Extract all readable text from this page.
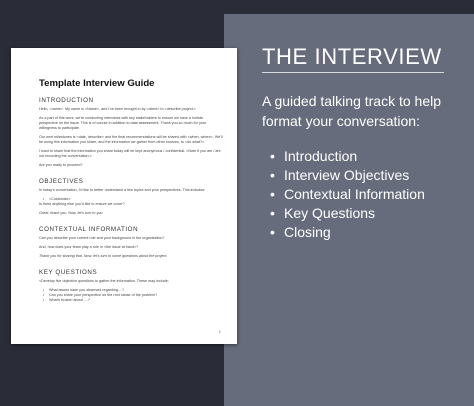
Template Interview Guide
INTRODUCTION
Hello, <name>. My name is <Name>, and I've been brought in by <client> to <describe project.>
As a part of this work, we're conducting interviews with key stakeholders to ensure we have a holistic perspective on the issue. This is of course in addition to data assessment. Thank you so much for your willingness to participate.
Our next milestones is <date, describe> and the final recommendations will be shared with <when, where>. We'll be using this information you share, and the information we gather from other sources, to <do what?>.
I want to share that the information you share today will be kept anonymous / confidential. <Note if you are / are not recording the conversation.>
Are you ready to proceed?
OBJECTIVES
In today's conversation, I'd like to better understand a few topics and your perspectives. This includes:
• <Customize>
Is there anything else you'd like to ensure we cover?
Great, thank you. Now, let's turn to you.
CONTEXTUAL INFORMATION
Can you describe your current role and your background in the organization?
And, how does your team play a role in <the issue at hand>?
Thank you for sharing that. Now, let's turn to some questions about the project.
KEY QUESTIONS
<Develop five objective questions to gather the information. These may include:
• What issues have you observed regarding....?
• Can you share your perspective on the root cause of the problem?
• What's broken about ....?
1
THE INTERVIEW
A guided talking track to help format your conversation:
• Introduction
• Interview Objectives
• Contextual Information
• Key Questions
• Closing
